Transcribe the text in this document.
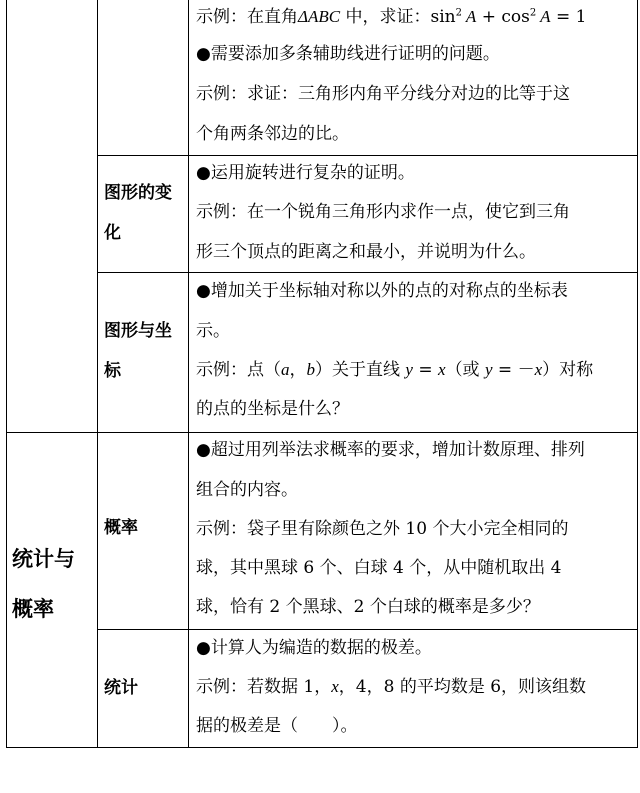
示例：在直角ΔABC 中，求证：$\sin^2 A + \cos^2 A = 1$
●需要添加多条辅助线进行证明的问题。
示例：求证：三角形内角平分线分对边的比等于这
个角两条邻边的比。
图形的变
化
●运用旋转进行复杂的证明。
示例：在一个锐角三角形内求作一点，使它到三角
形三个顶点的距离之和最小，并说明为什么。
图形与坐
标
●增加关于坐标轴对称以外的点的对称点的坐标表
示。
示例：点（a，b）关于直线 y = x（或 y = －x）对称
的点的坐标是什么？
统计与
概率
概率
●超过用列举法求概率的要求，增加计数原理、排列
组合的内容。
示例：袋子里有除颜色之外 10 个大小完全相同的
球，其中黑球 6 个、白球 4 个，从中随机取出 4
球，恰有 2 个黑球、2 个白球的概率是多少？
统计
●计算人为编造的数据的极差。
示例：若数据 1，x，4，8 的平均数是 6，则该组数
据的极差是（　　）。
